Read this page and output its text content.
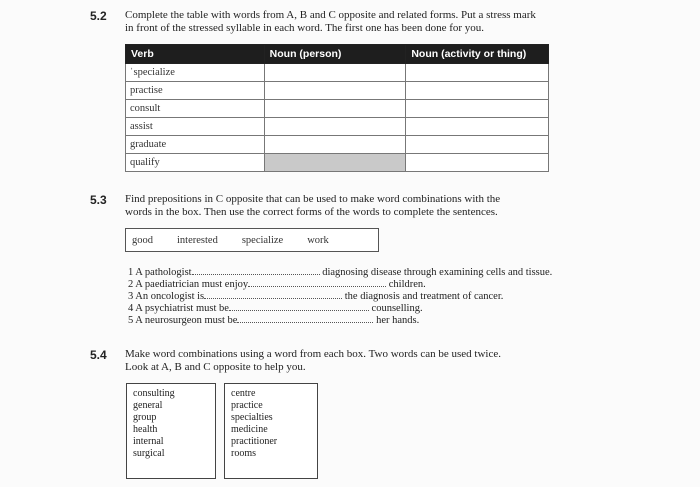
5.2 Complete the table with words from A, B and C opposite and related forms. Put a stress mark
in front of the stressed syllable in each word. The first one has been done for you.
Verb	Noun (person)	Noun (activity or thing)
ˈspecialize		
practise		
consult		
assist		
graduate		
qualify		
5.3 Find prepositions in C opposite that can be used to make word combinations with the
words in the box. Then use the correct forms of the words to complete the sentences.
good interested specialize work
1 A pathologist	diagnosing disease through examining cells and tissue.
2 A paediatrician must enjoy	children.
3 An oncologist is	the diagnosis and treatment of cancer.
4 A psychiatrist must be	counselling.
5 A neurosurgeon must be	her hands.
5.4 Make word combinations using a word from each box. Two words can be used twice.
Look at A, B and C opposite to help you.
consulting
general
group
health
internal
surgical
centre
practice
specialties
medicine
practitioner
rooms
